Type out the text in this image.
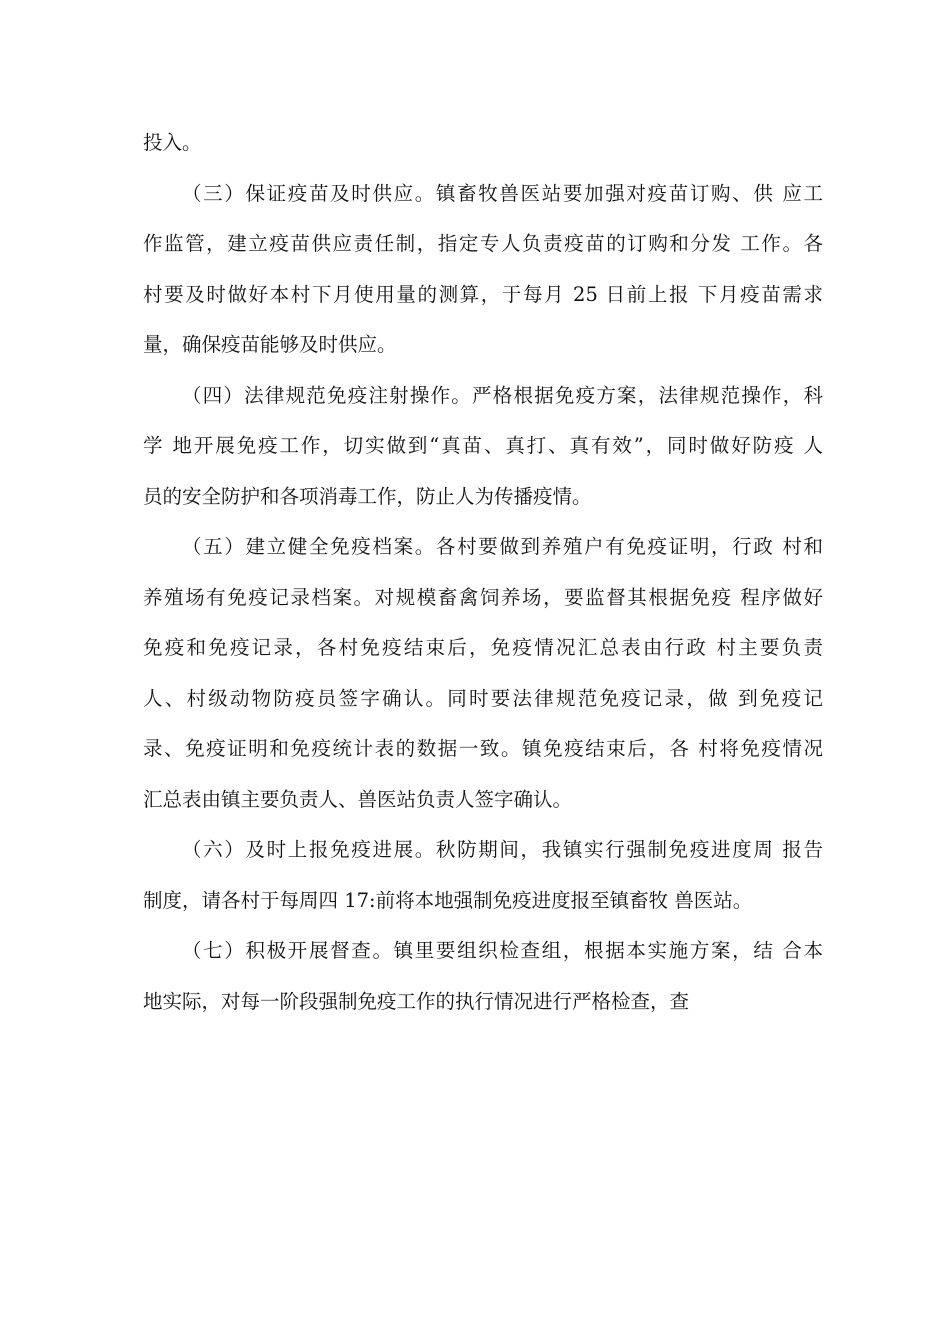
投入。
（三）保证疫苗及时供应。镇畜牧兽医站要加强对疫苗订购、供 应工
作监管，建立疫苗供应责任制，指定专人负责疫苗的订购和分发 工作。各
村要及时做好本村下月使用量的测算，于每月 25 日前上报 下月疫苗需求
量，确保疫苗能够及时供应。
（四）法律规范免疫注射操作。严格根据免疫方案，法律规范操作，科
学 地开展免疫工作，切实做到“真苗、真打、真有效”，同时做好防疫 人
员的安全防护和各项消毒工作，防止人为传播疫情。
（五）建立健全免疫档案。各村要做到养殖户有免疫证明，行政 村和
养殖场有免疫记录档案。对规模畜禽饲养场，要监督其根据免疫 程序做好
免疫和免疫记录，各村免疫结束后，免疫情况汇总表由行政 村主要负责
人、村级动物防疫员签字确认。同时要法律规范免疫记录，做 到免疫记
录、免疫证明和免疫统计表的数据一致。镇免疫结束后，各 村将免疫情况
汇总表由镇主要负责人、兽医站负责人签字确认。
（六）及时上报免疫进展。秋防期间，我镇实行强制免疫进度周 报告
制度，请各村于每周四 17:前将本地强制免疫进度报至镇畜牧 兽医站。
（七）积极开展督查。镇里要组织检查组，根据本实施方案，结 合本
地实际，对每一阶段强制免疫工作的执行情况进行严格检查，查
